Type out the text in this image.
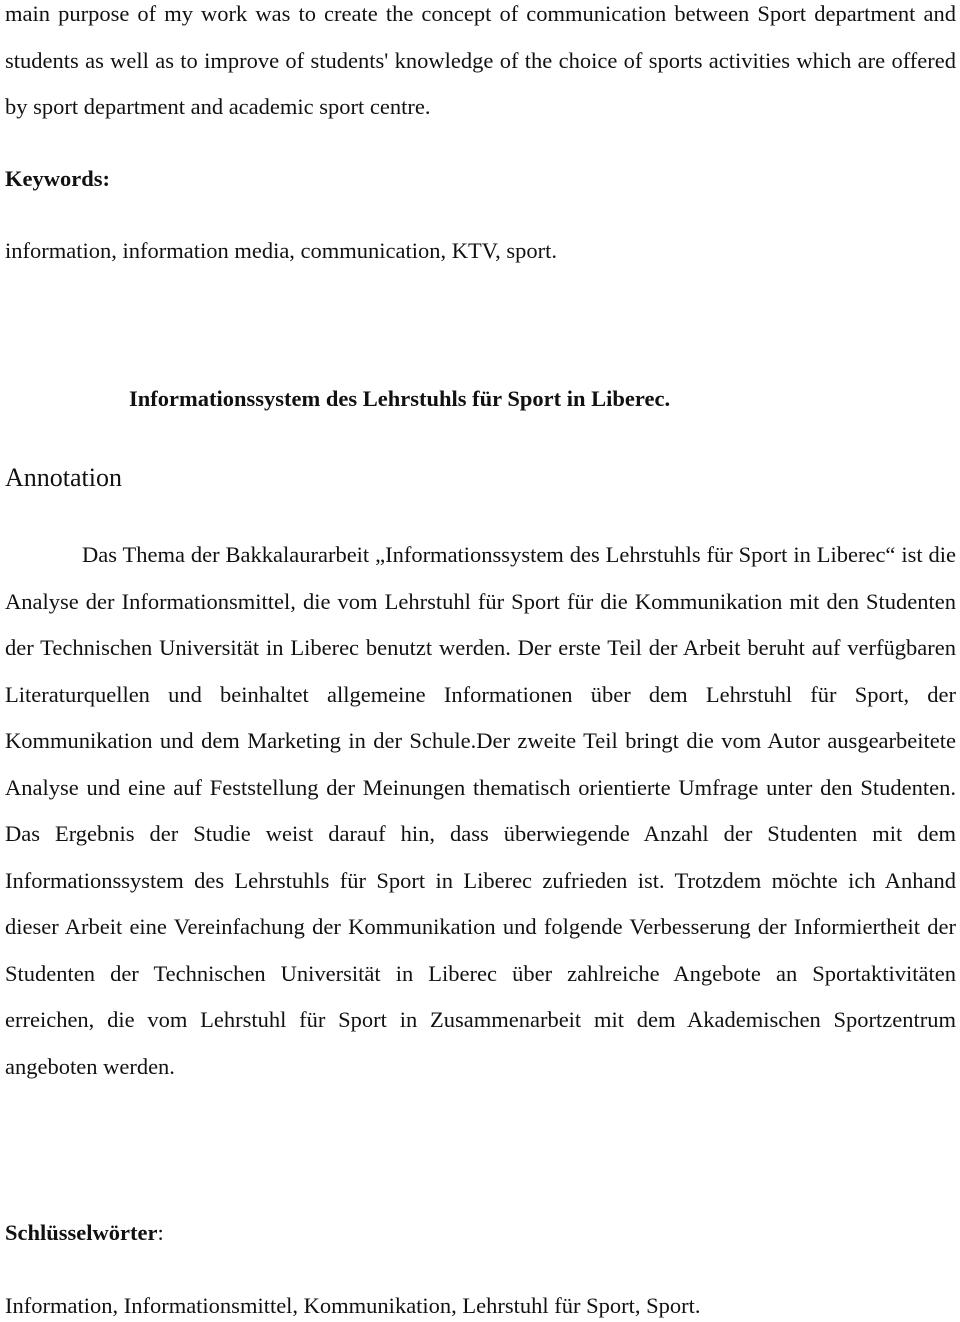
main purpose of my work was to create the concept of communication between Sport department and students as well as to improve of students' knowledge of the choice of sports activities which are offered by sport department and academic sport centre.

Keywords:

information, information media, communication, KTV, sport.

Informationssystem des Lehrstuhls für Sport in Liberec.

Annotation

Das Thema der Bakkalaurarbeit „Informationssystem des Lehrstuhls für Sport in Liberec“ ist die Analyse der Informationsmittel, die vom Lehrstuhl für Sport für die Kommunikation mit den Studenten der Technischen Universität in Liberec benutzt werden. Der erste Teil der Arbeit beruht auf verfügbaren Literaturquellen und beinhaltet allgemeine Informationen über dem Lehrstuhl für Sport, der Kommunikation und dem Marketing in der Schule.Der zweite Teil bringt die vom Autor ausgearbeitete Analyse und eine auf Feststellung der Meinungen thematisch orientierte Umfrage unter den Studenten. Das Ergebnis der Studie weist darauf hin, dass überwiegende Anzahl der Studenten mit dem Informationssystem des Lehrstuhls für Sport in Liberec zufrieden ist. Trotzdem möchte ich Anhand dieser Arbeit eine Vereinfachung der Kommunikation und folgende Verbesserung der Informiertheit der Studenten der Technischen Universität in Liberec über zahlreiche Angebote an Sportaktivitäten erreichen, die vom Lehrstuhl für Sport in Zusammenarbeit mit dem Akademischen Sportzentrum angeboten werden.

Schlüsselwörter:

Information, Informationsmittel, Kommunikation, Lehrstuhl für Sport, Sport.
